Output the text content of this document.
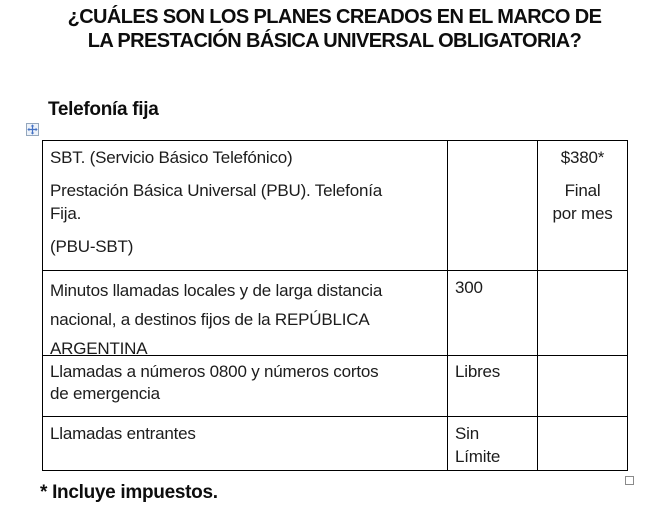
¿CUÁLES SON LOS PLANES CREADOS EN EL MARCO DE
LA PRESTACIÓN BÁSICA UNIVERSAL OBLIGATORIA?
Telefonía fija
SBT. (Servicio Básico Telefónico)
Prestación Básica Universal (PBU). Telefonía
Fija.
(PBU-SBT)
$380*
Final
por mes
Minutos llamadas locales y de larga distancia
nacional, a destinos fijos de la REPÚBLICA
ARGENTINA
300
Llamadas a números 0800 y números cortos
de emergencia
Libres
Llamadas entrantes	Sin
Límite

* Incluye impuestos.
